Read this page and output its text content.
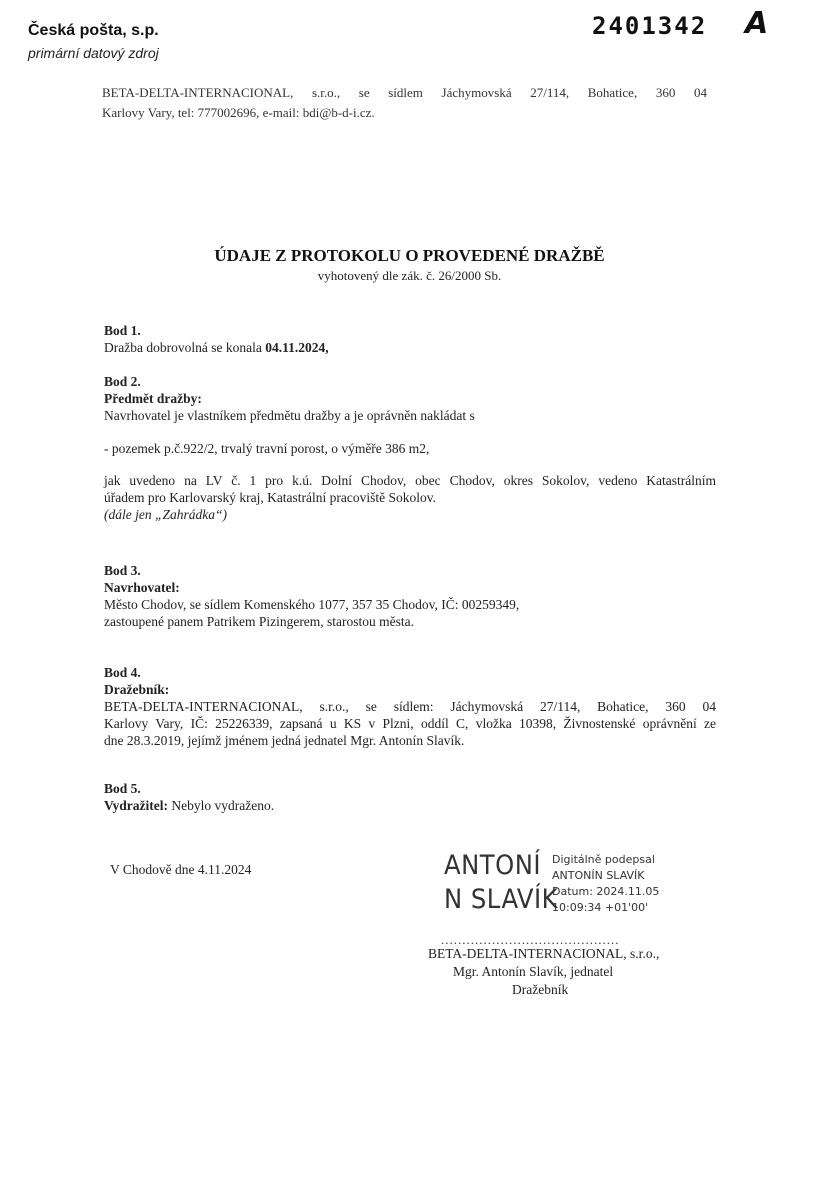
Česká pošta, s.p.
primární datový zdroj
2401342 A
BETA-DELTA-INTERNACIONAL, s.r.o., se sídlem Jáchymovská 27/114, Bohatice, 360 04
Karlovy Vary, tel: 777002696, e-mail: bdi@b-d-i.cz.
ÚDAJE Z PROTOKOLU O PROVEDENÉ DRAŽBĚ
vyhotovený dle zák. č. 26/2000 Sb.
Bod 1.
Dražba dobrovolná se konala 04.11.2024,
Bod 2.
Předmět dražby:
Navrhovatel je vlastníkem předmětu dražby a je oprávněn nakládat s
- pozemek p.č.922/2, trvalý travní porost, o výměře 386 m2,
jak uvedeno na LV č. 1 pro k.ú. Dolní Chodov, obec Chodov, okres Sokolov, vedeno Katastrálním
úřadem pro Karlovarský kraj, Katastrální pracoviště Sokolov.
(dále jen „Zahrádka“)
Bod 3.
Navrhovatel:
Město Chodov, se sídlem Komenského 1077, 357 35 Chodov, IČ: 00259349,
zastoupené panem Patrikem Pizingerem, starostou města.
Bod 4.
Dražebník:
BETA-DELTA-INTERNACIONAL, s.r.o., se sídlem: Jáchymovská 27/114, Bohatice, 360 04
Karlovy Vary, IČ: 25226339, zapsaná u KS v Plzni, oddíl C, vložka 10398, Živnostenské oprávnění ze
dne 28.3.2019, jejímž jménem jedná jednatel Mgr. Antonín Slavík.
Bod 5.
Vydražitel: Nebylo vydraženo.
V Chodově dne 4.11.2024	ANTONÍ
N SLAVÍK
Digitálně podepsal
ANTONÍN SLAVÍK
Datum: 2024.11.05
10:09:34 +01'00'
..........................................
BETA-DELTA-INTERNACIONAL, s.r.o.,
Mgr. Antonín Slavík, jednatel
Dražebník
